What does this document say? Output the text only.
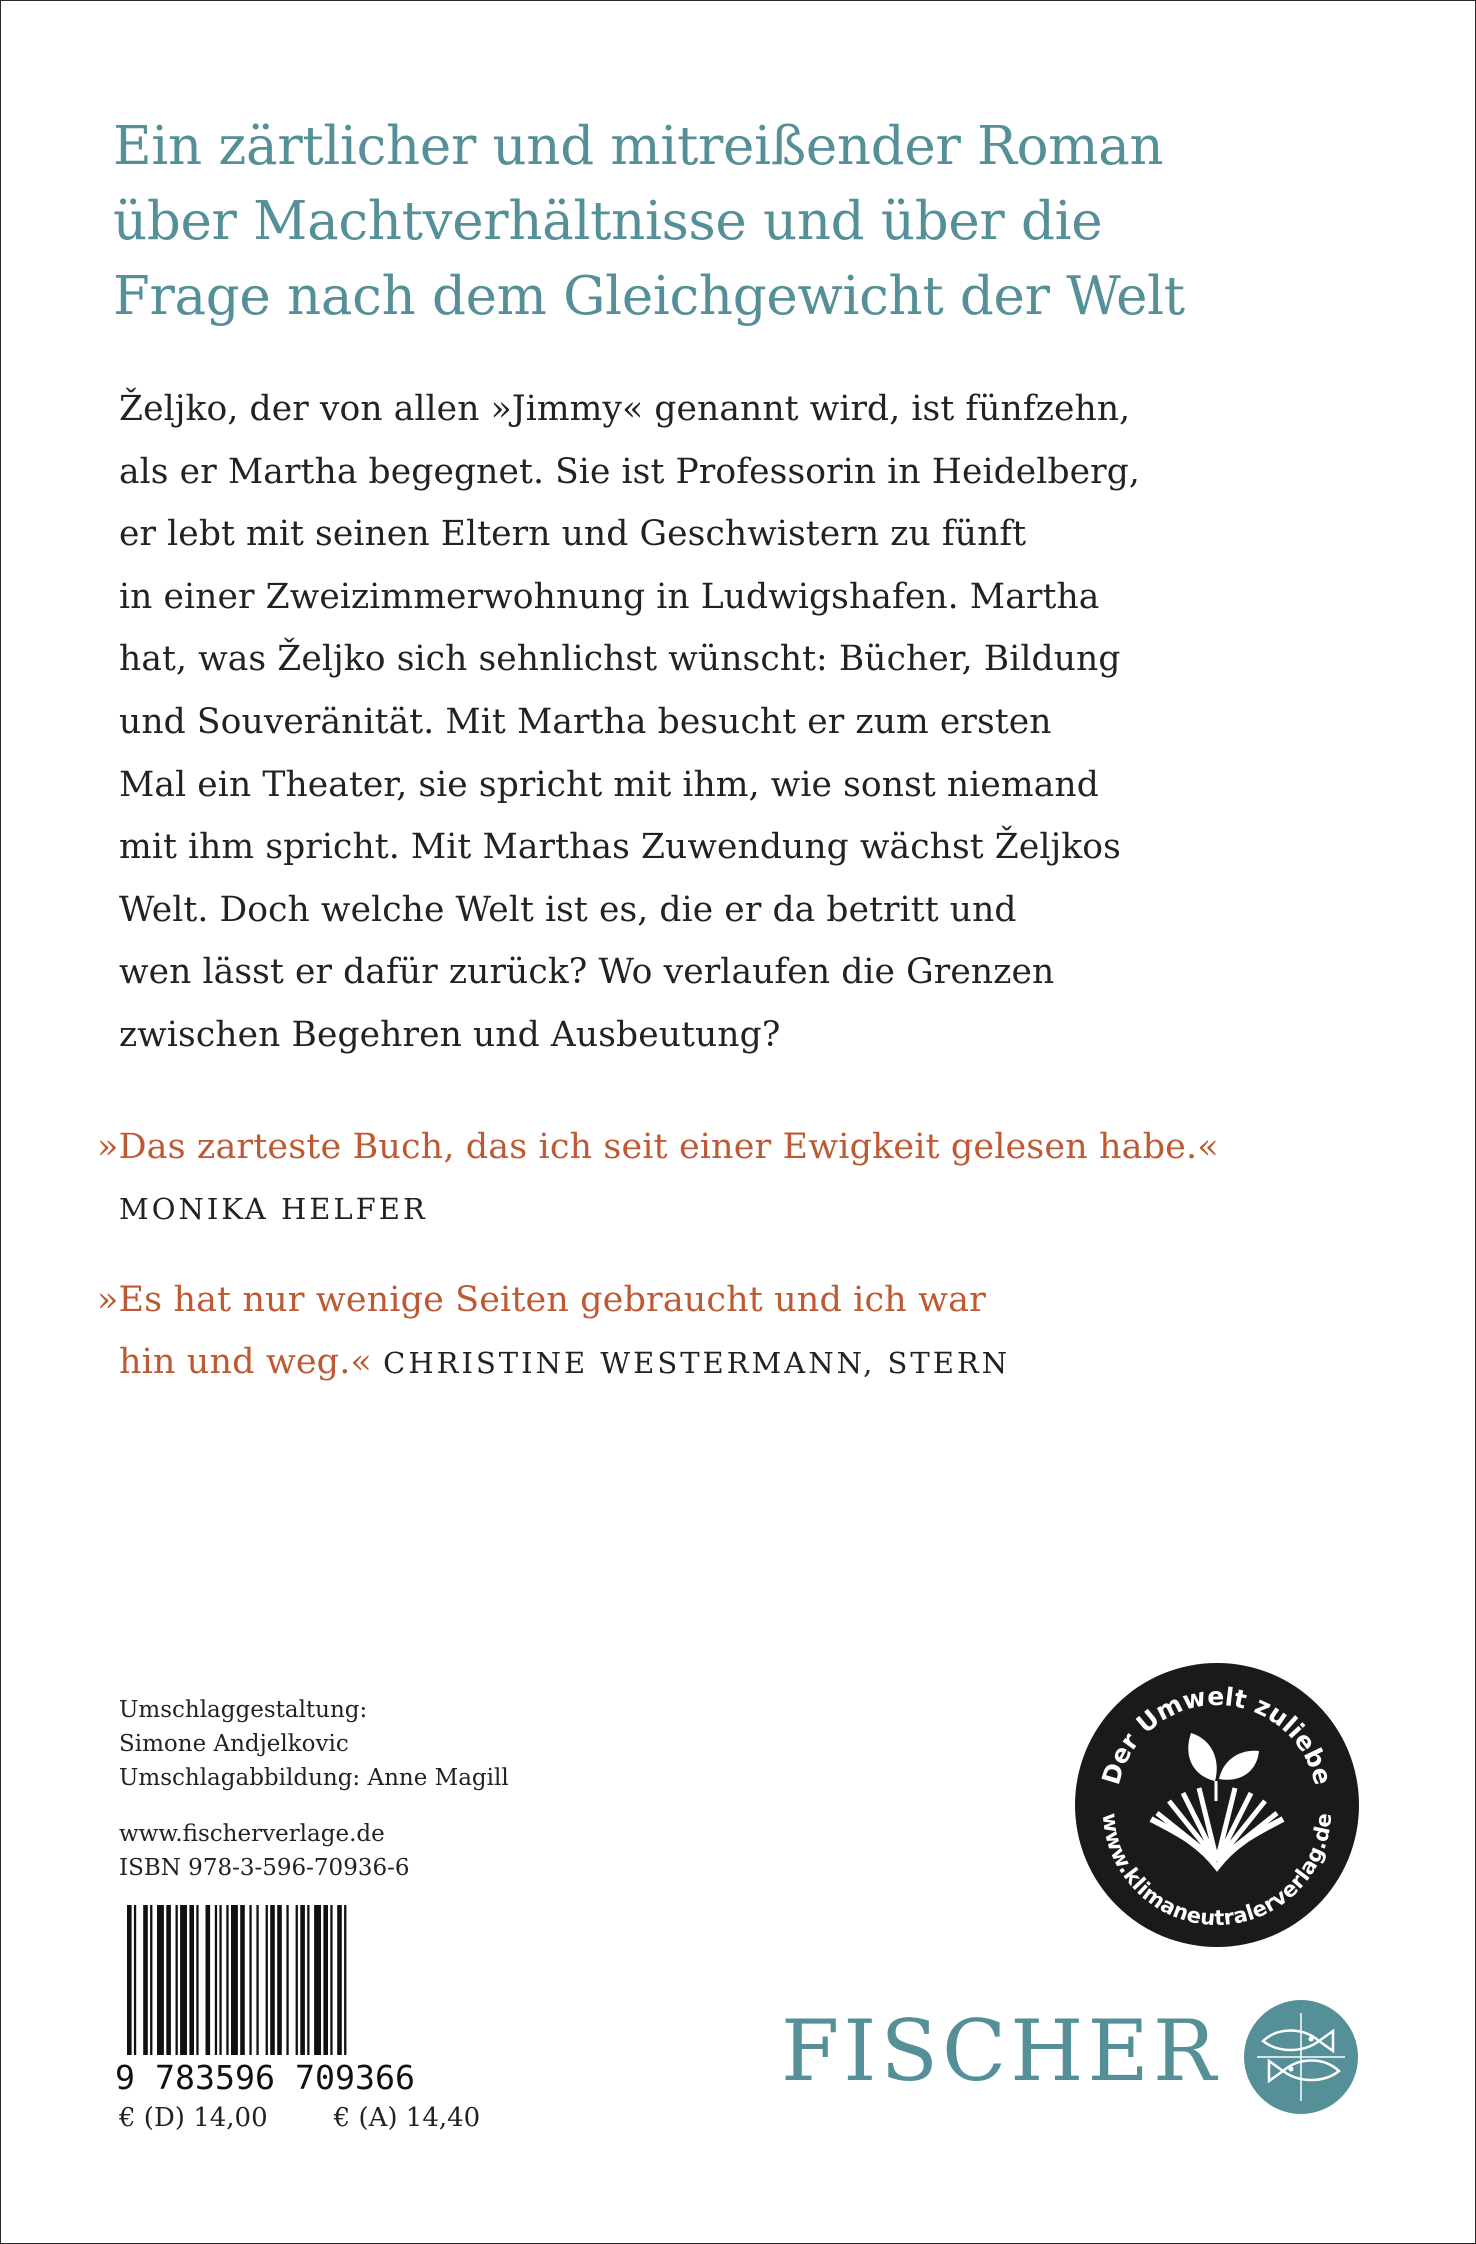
Ein zärtlicher und mitreißender Roman
über Machtverhältnisse und über die
Frage nach dem Gleichgewicht der Welt
Željko, der von allen »Jimmy« genannt wird, ist fünfzehn,
als er Martha begegnet. Sie ist Professorin in Heidelberg,
er lebt mit seinen Eltern und Geschwistern zu fünft
in einer Zweizimmerwohnung in Ludwigshafen. Martha
hat, was Željko sich sehnlichst wünscht: Bücher, Bildung
und Souveränität. Mit Martha besucht er zum ersten
Mal ein Theater, sie spricht mit ihm, wie sonst niemand
mit ihm spricht. Mit Marthas Zuwendung wächst Željkos
Welt. Doch welche Welt ist es, die er da betritt und
wen lässt er dafür zurück? Wo verlaufen die Grenzen
zwischen Begehren und Ausbeutung?
»Das zarteste Buch, das ich seit einer Ewigkeit gelesen habe.«
MONIKA HELFER
»Es hat nur wenige Seiten gebraucht und ich war
hin und weg.« CHRISTINE WESTERMANN, STERN
Umschlaggestaltung:
Simone Andjelkovic
Umschlagabbildung: Anne Magill
www.fischerverlage.de
ISBN 978-3-596-70936-6
9 783596 709366
€ (D) 14,00	€ (A) 14,40
Der Umwelt zuliebe
www.klimaneutralerverlag.de
FISCHER
